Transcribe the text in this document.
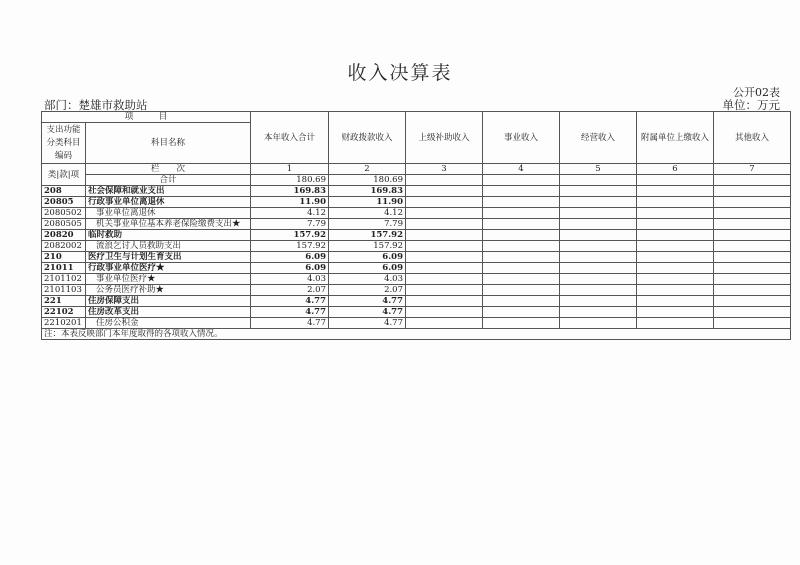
收入决算表
公开02表
部门：楚雄市救助站	单位：万元
项　　　目		本年收入合计	财政拨款收入	上级补助收入	事业收入	经营收入	附属单位上缴收入	其他收入
支出功能分类科目编码	科目名称							

类|款|项	栏　　次	1	2	3	4	5	6	7
	合计	180.69	180.69					
208	社会保障和就业支出	169.83	169.83					
20805	行政事业单位离退休	11.90	11.90					
2080502	事业单位离退休	4.12	4.12					
2080505	机关事业单位基本养老保险缴费支出★	7.79	7.79					
20820	临时救助	157.92	157.92					
2082002	流浪乞讨人员救助支出	157.92	157.92					
210	医疗卫生与计划生育支出	6.09	6.09					
21011	行政事业单位医疗★	6.09	6.09					
2101102	事业单位医疗★	4.03	4.03					
2101103	公务员医疗补助★	2.07	2.07					
221	住房保障支出	4.77	4.77					
22102	住房改革支出	4.77	4.77					
2210201	住房公积金	4.77	4.77					
注：本表反映部门本年度取得的各项收入情况。								
